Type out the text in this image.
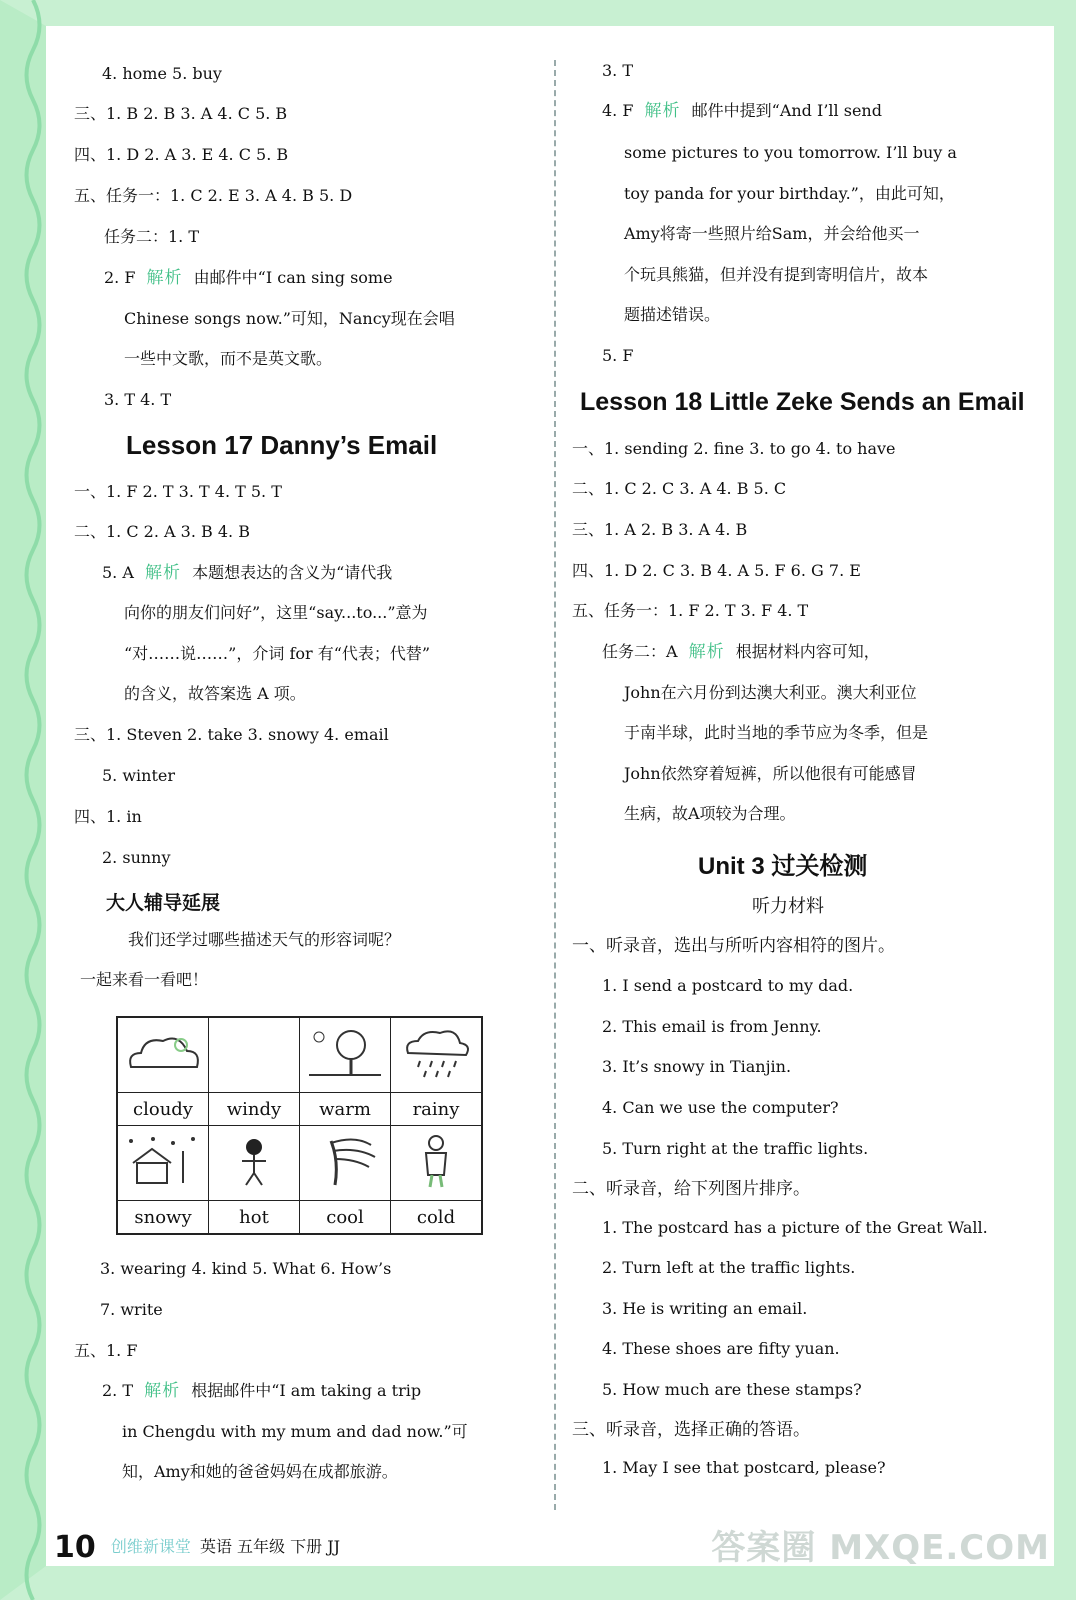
4. home 5. buy
三、1. B 2. B 3. A 4. C 5. B
四、1. D 2. A 3. E 4. C 5. B
五、任务一：1. C 2. E 3. A 4. B 5. D
任务二：1. T
2. F 解析 由邮件中“I can sing some
Chinese songs now.”可知，Nancy现在会唱
一些中文歌，而不是英文歌。
3. T 4. T
Lesson 17 Danny’s Email
一、1. F 2. T 3. T 4. T 5. T
二、1. C 2. A 3. B 4. B
5. A 解析 本题想表达的含义为“请代我
向你的朋友们问好”，这里“say...to...”意为
“对……说……”，介词 for 有“代表；代替”
的含义，故答案选 A 项。
三、1. Steven 2. take 3. snowy 4. email
5. winter
四、1. in
2. sunny
大人辅导延展
我们还学过哪些描述天气的形容词呢？
一起来看一看吧！

cloudy	windy	warm	rainy

snowy	hot	cool	cold
3. wearing 4. kind 5. What 6. How’s
7. write
五、1. F
2. T 解析 根据邮件中“I am taking a trip
in Chengdu with my mum and dad now.”可
知，Amy和她的爸爸妈妈在成都旅游。
3. T
4. F 解析 邮件中提到“And I’ll send
some pictures to you tomorrow. I’ll buy a
toy panda for your birthday.”，由此可知，
Amy将寄一些照片给Sam，并会给他买一
个玩具熊猫，但并没有提到寄明信片，故本
题描述错误。
5. F
Lesson 18 Little Zeke Sends an Email
一、1. sending 2. fine 3. to go 4. to have
二、1. C 2. C 3. A 4. B 5. C
三、1. A 2. B 3. A 4. B
四、1. D 2. C 3. B 4. A 5. F 6. G 7. E
五、任务一：1. F 2. T 3. F 4. T
任务二：A 解析 根据材料内容可知，
John在六月份到达澳大利亚。澳大利亚位
于南半球，此时当地的季节应为冬季，但是
John依然穿着短裤，所以他很有可能感冒
生病，故A项较为合理。
Unit 3 过关检测
听力材料
一、听录音，选出与所听内容相符的图片。
1. I send a postcard to my dad.
2. This email is from Jenny.
3. It’s snowy in Tianjin.
4. Can we use the computer?
5. Turn right at the traffic lights.
二、听录音，给下列图片排序。
1. The postcard has a picture of the Great Wall.
2. Turn left at the traffic lights.
3. He is writing an email.
4. These shoes are fifty yuan.
5. How much are these stamps?
三、听录音，选择正确的答语。
1. May I see that postcard, please?
10 创维新课堂 英语 五年级 下册 JJ	答案圈 MXQE.COM
